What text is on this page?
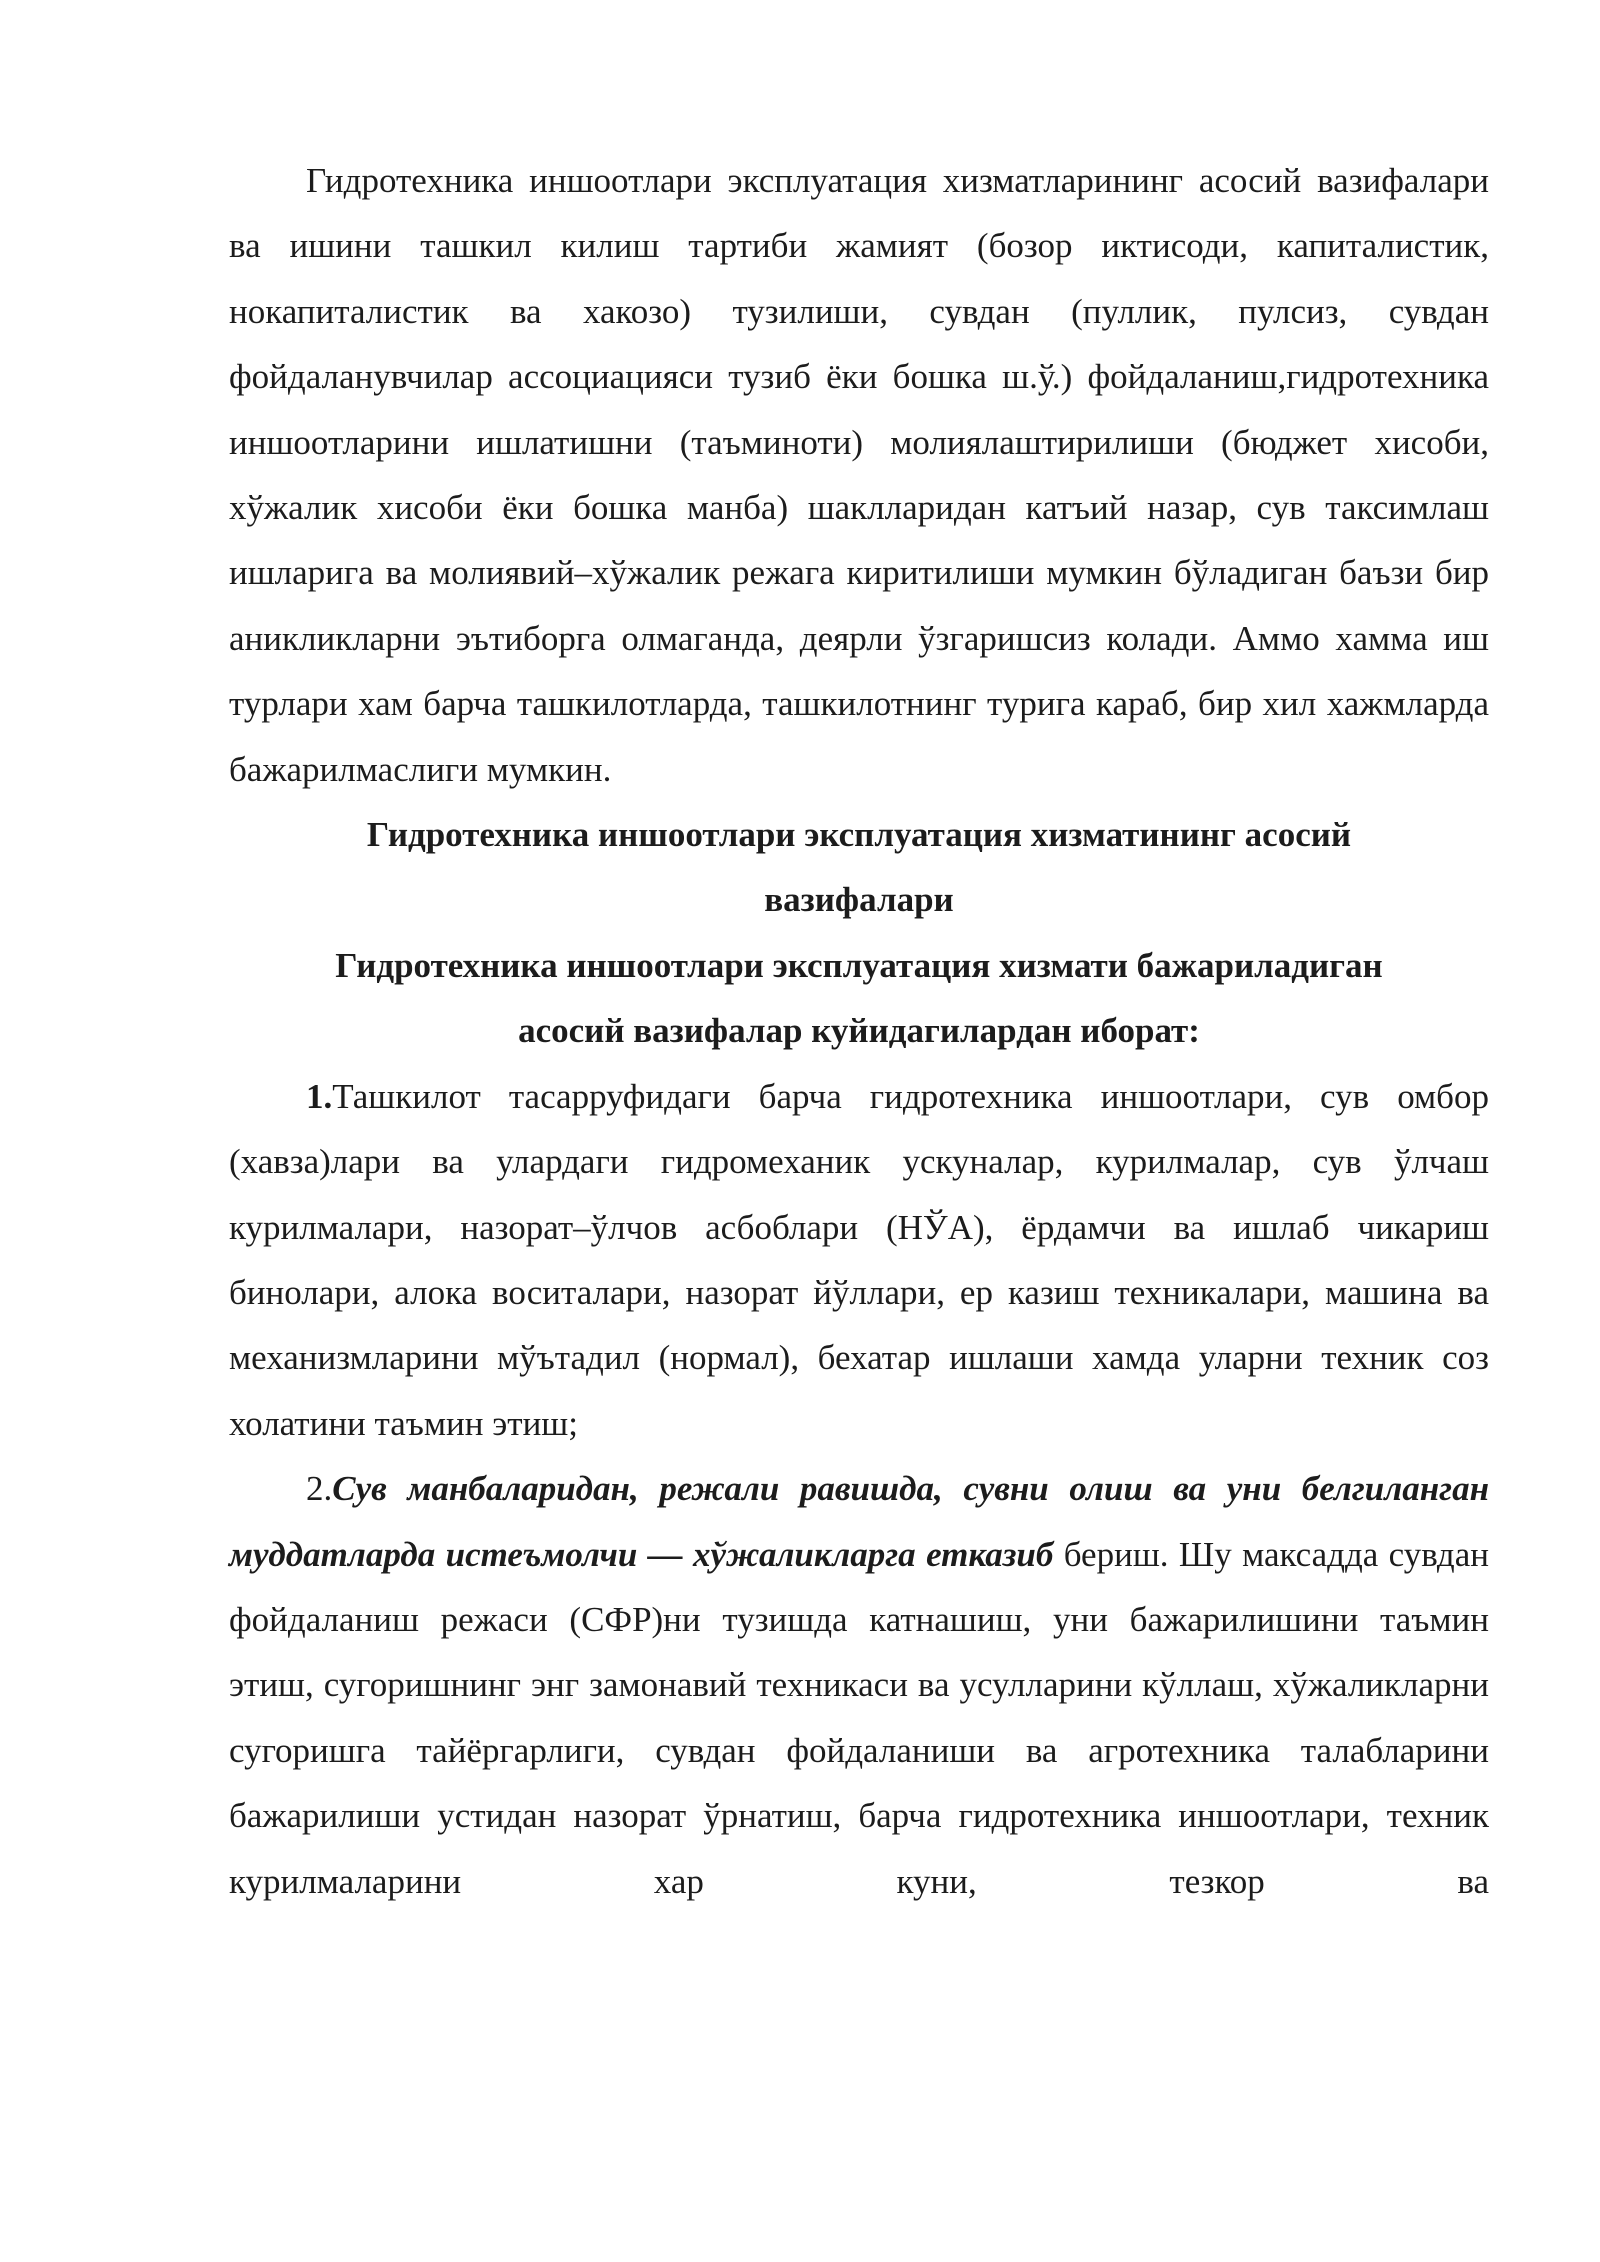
Гидротехника иншоотлари эксплуатация хизматларининг асосий вазифалари ва ишини ташкил килиш тартиби жамият (бозор иктисоди, капиталистик, нокапиталистик ва хакозо) тузилиши, сувдан (пуллик, пулсиз, сувдан фойдаланувчилар ассоциацияси тузиб ёки бошка ш.ў.) фойдаланиш,гидротехника иншоотларини ишлатишни (таъминоти) молиялаштирилиши (бюджет хисоби, хўжалик хисоби ёки бошка манба) шаклларидан катъий назар, сув таксимлаш ишларига ва молиявий–хўжалик режага киритилиши мумкин бўладиган баъзи бир аникликларни эътиборга олмаганда, деярли ўзгаришсиз колади. Аммо хамма иш турлари хам барча ташкилотларда, ташкилотнинг турига караб, бир хил хажмларда бажарилмаслиги мумкин.

Гидротехника иншоотлари эксплуатация хизматининг асосий
вазифалари

Гидротехника иншоотлари эксплуатация хизмати бажариладиган
асосий вазифалар куйидагилардан иборат:

1.Ташкилот тасарруфидаги барча гидротехника иншоотлари, сув омбор (хавза)лари ва улардаги гидромеханик ускуналар, курилмалар, сув ўлчаш курилмалари, назорат–ўлчов асбоблари (НЎА), ёрдамчи ва ишлаб чикариш бинолари, алока воситалари, назорат йўллари, ер казиш техникалари, машина ва механизмларини мўътадил (нормал), бехатар ишлаши хамда уларни техник соз холатини таъмин этиш;

2.Сув манбаларидан, режали равишда, сувни олиш ва уни белгиланган муддатларда истеъмолчи — хўжаликларга етказиб бериш. Шу максадда сувдан фойдаланиш режаси (СФР)ни тузишда катнашиш, уни бажарилишини таъмин этиш, сугоришнинг энг замонавий техникаси ва усулларини кўллаш, хўжаликларни сугоришга тайёргарлиги, сувдан фойдаланиши ва агротехника талабларини бажарилиши устидан назорат ўрнатиш, барча гидротехника иншоотлари, техник курилмаларини хар куни, тезкор ва
